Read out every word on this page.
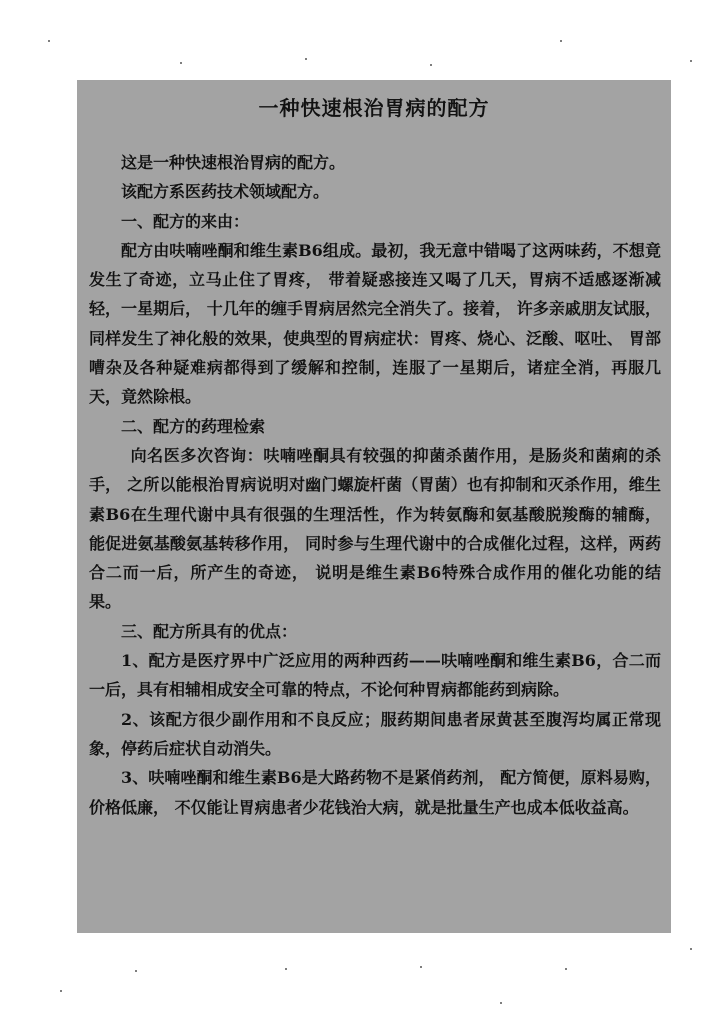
一种快速根治胃病的配方

这是一种快速根治胃病的配方。

该配方系医药技术领域配方。

一、配方的来由：

配方由呋喃唑酮和维生素B6组成。最初，我无意中错喝了这两味药，不想竟发生了奇迹，立马止住了胃疼， 带着疑惑接连又喝了几天，胃病不适感逐渐减轻，一星期后， 十几年的缠手胃病居然完全消失了。接着， 许多亲戚朋友试服，同样发生了神化般的效果，使典型的胃病症状：胃疼、烧心、泛酸、呕吐、 胃部嘈杂及各种疑难病都得到了缓解和控制，连服了一星期后，诸症全消，再服几天，竟然除根。

二、配方的药理检索

向名医多次咨询：呋喃唑酮具有较强的抑菌杀菌作用，是肠炎和菌痢的杀手， 之所以能根治胃病说明对幽门螺旋杆菌（胃菌）也有抑制和灭杀作用，维生素B6在生理代谢中具有很强的生理活性，作为转氨酶和氨基酸脱羧酶的辅酶， 能促进氨基酸氨基转移作用， 同时参与生理代谢中的合成催化过程，这样，两药合二而一后，所产生的奇迹， 说明是维生素B6特殊合成作用的催化功能的结果。

三、配方所具有的优点：

1、配方是医疗界中广泛应用的两种西药——呋喃唑酮和维生素B6，合二而一后，具有相辅相成安全可靠的特点，不论何种胃病都能药到病除。

2、该配方很少副作用和不良反应；服药期间患者尿黄甚至腹泻均属正常现象，停药后症状自动消失。

3、呋喃唑酮和维生素B6是大路药物不是紧俏药剂， 配方简便，原料易购，价格低廉， 不仅能让胃病患者少花钱治大病，就是批量生产也成本低收益高。
